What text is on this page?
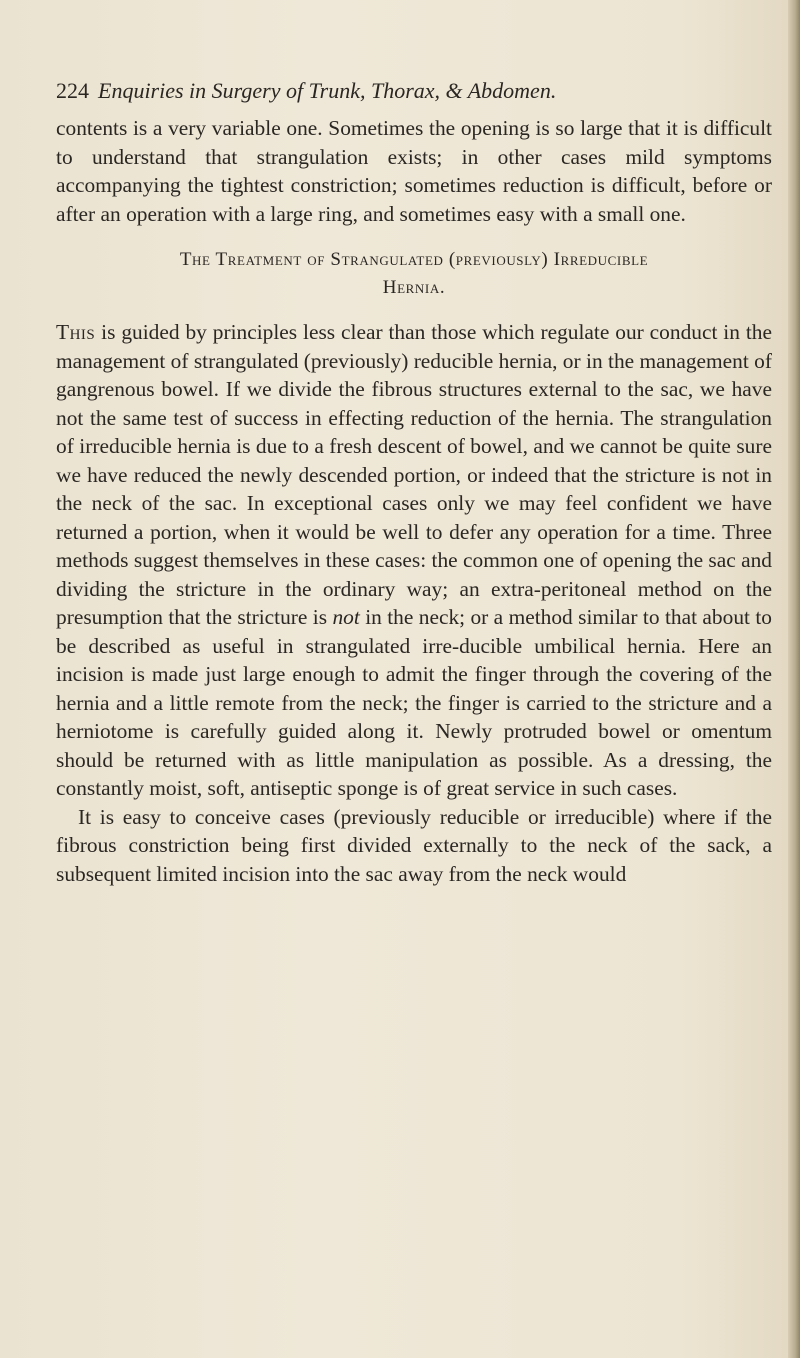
224 Enquiries in Surgery of Trunk, Thorax, & Abdomen.

contents is a very variable one. Sometimes the opening is so large that it is difficult to understand that strangulation exists; in other cases mild symptoms accompanying the tightest constriction; sometimes reduction is difficult, before or after an operation with a large ring, and sometimes easy with a small one.

The Treatment of Strangulated (previously) Irreducible
Hernia.

This is guided by principles less clear than those which regulate our conduct in the management of strangulated (previously) reducible hernia, or in the management of gangrenous bowel. If we divide the fibrous structures external to the sac, we have not the same test of success in effecting reduction of the hernia. The strangulation of irreducible hernia is due to a fresh descent of bowel, and we cannot be quite sure we have reduced the newly descended portion, or indeed that the stricture is not in the neck of the sac. In exceptional cases only we may feel confident we have returned a portion, when it would be well to defer any operation for a time. Three methods suggest themselves in these cases: the common one of opening the sac and dividing the stricture in the ordinary way; an extra-peritoneal method on the presumption that the stricture is not in the neck; or a method similar to that about to be described as useful in strangulated irre-ducible umbilical hernia. Here an incision is made just large enough to admit the finger through the covering of the hernia and a little remote from the neck; the finger is carried to the stricture and a herniotome is carefully guided along it. Newly protruded bowel or omentum should be returned with as little manipulation as possible. As a dressing, the constantly moist, soft, antiseptic sponge is of great service in such cases.

It is easy to conceive cases (previously reducible or irreducible) where if the fibrous constriction being first divided externally to the neck of the sack, a subsequent limited incision into the sac away from the neck would
